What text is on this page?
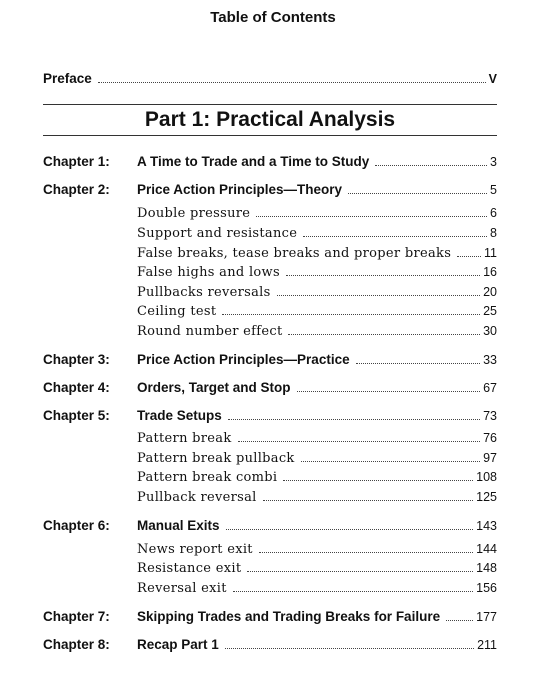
Table of Contents
Preface	V
Part 1: Practical Analysis
Chapter 1:	A Time to Trade and a Time to Study	3
Chapter 2:	Price Action Principles—Theory	5
Double pressure	6
Support and resistance	8
False breaks, tease breaks and proper breaks	11
False highs and lows	16
Pullbacks reversals	20
Ceiling test	25
Round number effect	30
Chapter 3:	Price Action Principles—Practice	33
Chapter 4:	Orders, Target and Stop	67
Chapter 5:	Trade Setups	73
Pattern break	76
Pattern break pullback	97
Pattern break combi	108
Pullback reversal	125
Chapter 6:	Manual Exits	143
News report exit	144
Resistance exit	148
Reversal exit	156
Chapter 7:	Skipping Trades and Trading Breaks for Failure	177
Chapter 8:	Recap Part 1	211
